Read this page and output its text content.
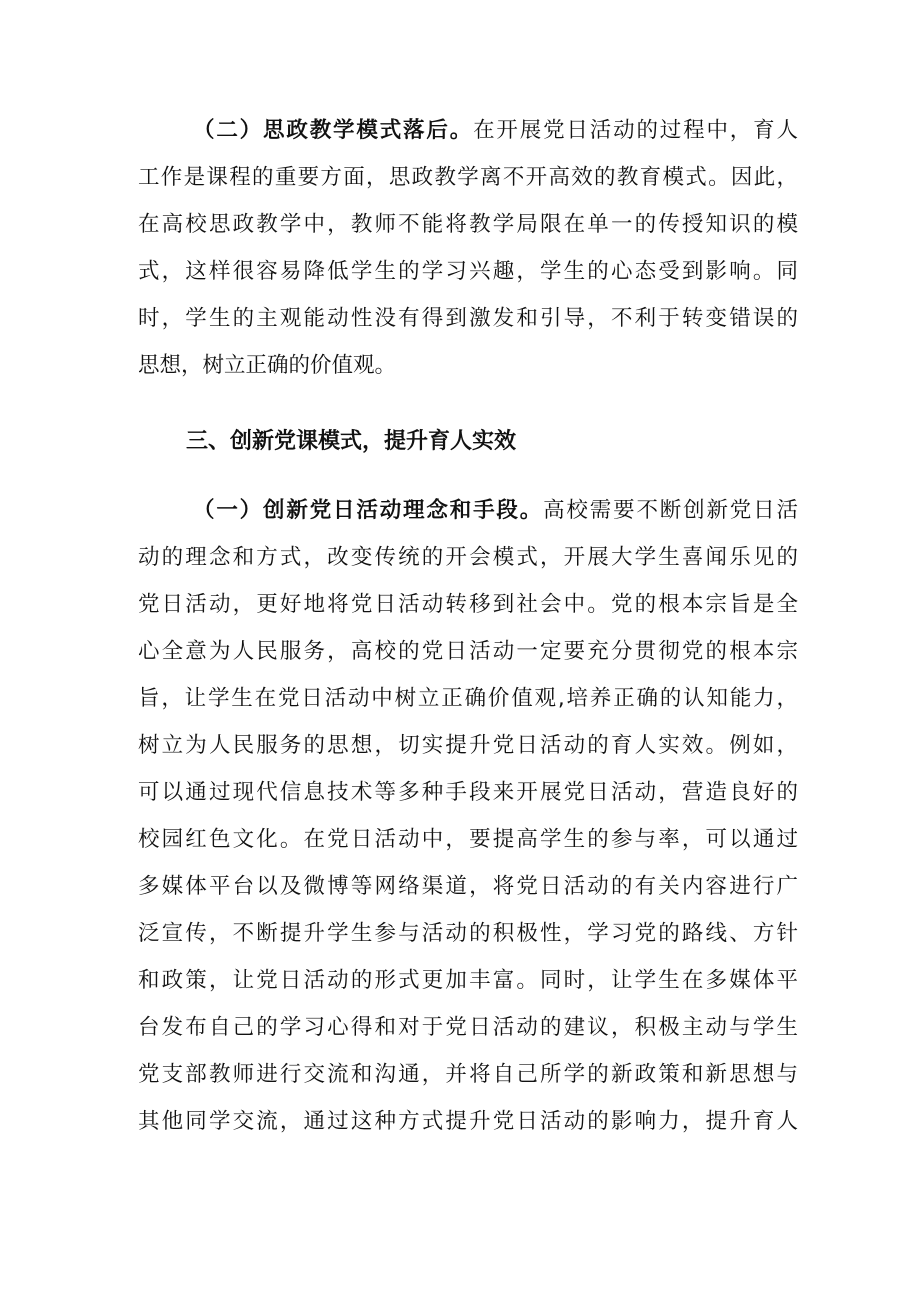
（二）思政教学模式落后。在开展党日活动的过程中，育人
工作是课程的重要方面，思政教学离不开高效的教育模式。因此，
在高校思政教学中，教师不能将教学局限在单一的传授知识的模
式，这样很容易降低学生的学习兴趣，学生的心态受到影响。同
时，学生的主观能动性没有得到激发和引导，不利于转变错误的
思想，树立正确的价值观。
三、创新党课模式，提升育人实效
（一）创新党日活动理念和手段。高校需要不断创新党日活
动的理念和方式，改变传统的开会模式，开展大学生喜闻乐见的
党日活动，更好地将党日活动转移到社会中。党的根本宗旨是全
心全意为人民服务，高校的党日活动一定要充分贯彻党的根本宗
旨，让学生在党日活动中树立正确价值观,培养正确的认知能力，
树立为人民服务的思想，切实提升党日活动的育人实效。例如，
可以通过现代信息技术等多种手段来开展党日活动，营造良好的
校园红色文化。在党日活动中，要提高学生的参与率，可以通过
多媒体平台以及微博等网络渠道，将党日活动的有关内容进行广
泛宣传，不断提升学生参与活动的积极性，学习党的路线、方针
和政策，让党日活动的形式更加丰富。同时，让学生在多媒体平
台发布自己的学习心得和对于党日活动的建议，积极主动与学生
党支部教师进行交流和沟通，并将自己所学的新政策和新思想与
其他同学交流，通过这种方式提升党日活动的影响力，提升育人
